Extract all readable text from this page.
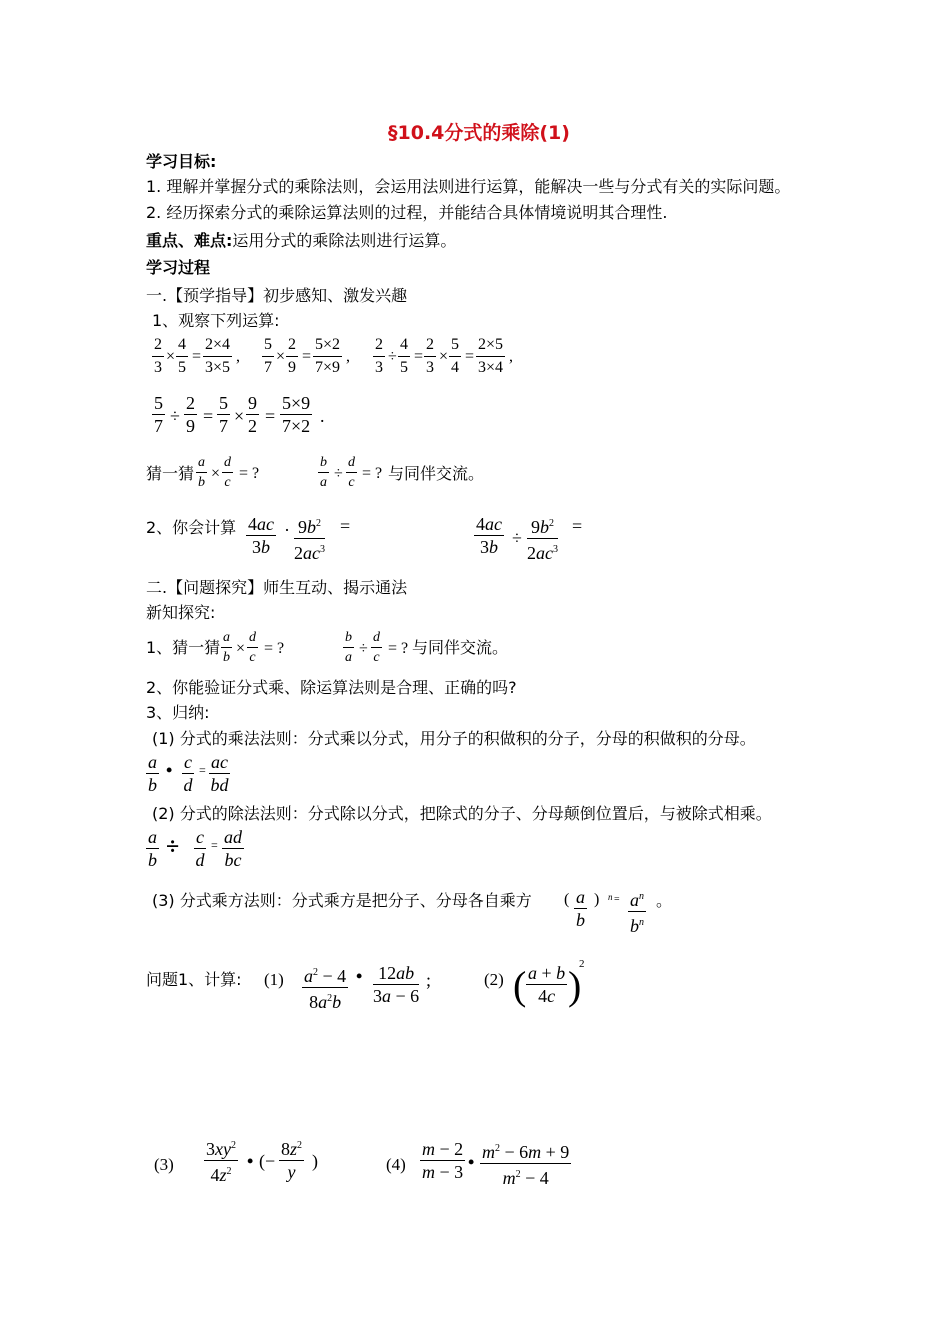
§10.4分式的乘除(1)
学习目标:
1. 理解并掌握分式的乘除法则，会运用法则进行运算，能解决一些与分式有关的实际问题。
2. 经历探索分式的乘除运算法则的过程，并能结合具体情境说明其合理性.
重点、难点:运用分式的乘除法则进行运算。
学习过程
一.【预学指导】初步感知、激发兴趣
1、观察下列运算:
$\frac{2}{3} \times \frac{4}{5} = \frac{2\times 4}{3\times 5}$ , $\frac{5}{7} \times \frac{2}{9} = \frac{5\times 2}{7\times 9}$ , $\frac{2}{3} \div \frac{4}{5} = \frac{2}{3} \times \frac{5}{4} = \frac{2\times 5}{3\times 4}$ ,
$\frac{5}{7} \div \frac{2}{9} = \frac{5}{7} \times \frac{9}{2} = \frac{5\times 9}{7\times 2}$ .
猜一猜 $\frac{a}{b} \times \frac{d}{c}$ = ?	$\frac{b}{a} \div \frac{d}{c}$ = ? 与同伴交流。
2、你会计算 $\frac{4ac}{3b} \cdot \frac{9b^2}{2ac^3}$ =	$\frac{4ac}{3b} \div \frac{9b^2}{2ac^3}$ =
二.【问题探究】师生互动、揭示通法
新知探究:
1、猜一猜 $\frac{a}{b} \times \frac{d}{c}$ = ?	$\frac{b}{a} \div \frac{d}{c}$ = ? 与同伴交流。
2、你能验证分式乘、除运算法则是合理、正确的吗?
3、归纳:
(1) 分式的乘法法则：分式乘以分式，用分子的积做积的分子，分母的积做积的分母。
$\frac{a}{b}$ • $\frac{c}{d} = \frac{ac}{bd}$
(2) 分式的除法法则：分式除以分式，把除式的分子、分母颠倒位置后，与被除式相乘。
$\frac{a}{b} \div \frac{c}{d} = \frac{ad}{bc}$
(3) 分式乘方法则：分式乘方是把分子、分母各自乘方 ( $\frac{a}{b}$ ) $n = \frac{a^n}{b^n}$ 。
问题1、计算: $(1) \frac{a^2 - 4}{8a^2b}$ • $\frac{12ab}{3a - 6}$ ;	(2) ( $\frac{a + b}{4c}$ )
2
$(3) \frac{3xy^2}{4z^2}$ • (− $\frac{8z^2}{y}$ )	$(4) \frac{m - 2}{m - 3}$ • $\frac{m^2 - 6m + 9}{m^2 - 4}$
